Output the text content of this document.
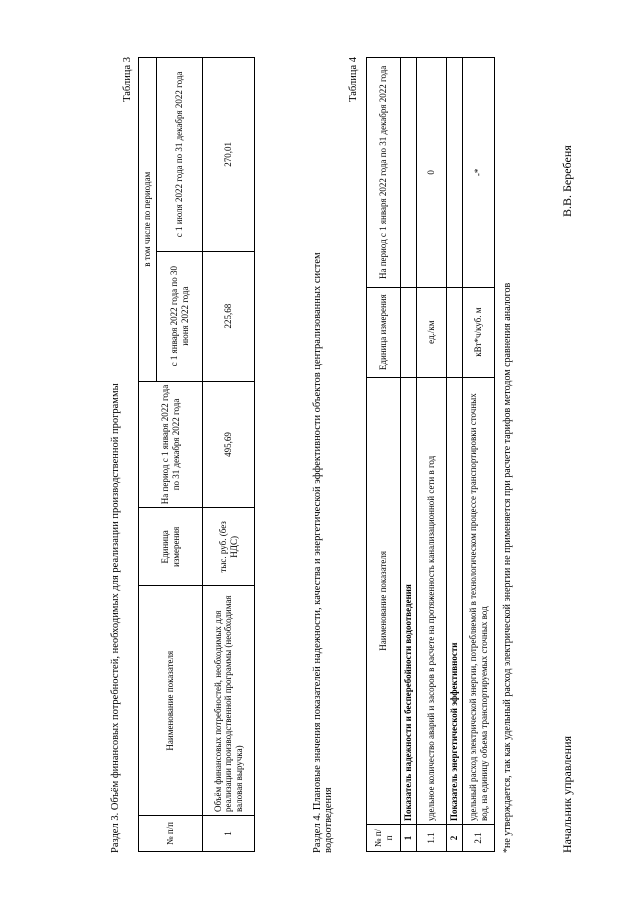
Раздел 3. Объём финансовых потребностей, необходимых для реализации производственной программы
Таблица 3
№ п/п	Наименование показателя	Единица измерения	На период с 1 января 2022 года по 31 декабря 2022 года	в том числе по периодам	
				с 1 января 2022 года по 30 июня 2022 года	с 1 июля 2022 года по 31 декабря 2022 года
1	Объём финансовых потребностей, необходимых для реализации производственной программы (необходимая валовая выручка)	тыс. руб. (без НДС)	495,69	225,68	270,01
Раздел 4. Плановые значения показателей надежности, качества и энергетической эффективности объектов централизованных систем водоотведения
Таблица 4
№ п/п	Наименование показателя	Единица измерения	На период с 1 января 2022 года по 31 декабря 2022 года
1	Показатель надежности и бесперебойности водоотведения		
1.1	удельное количество аварий и засоров в расчете на протяженность канализационной сети в год	ед./км	0
2	Показатель энергетической эффективности		
2.1	удельный расход электрической энергии, потребляемой в технологическом процессе транспортировки сточных вод, на единицу объема транспортируемых сточных вод	кВт*ч/куб. м	-*
*не утверждается, так как удельный расход электрической энергии не применяется при расчете тарифов методом сравнения аналогов	Начальник управления
В.В. Беребеня
